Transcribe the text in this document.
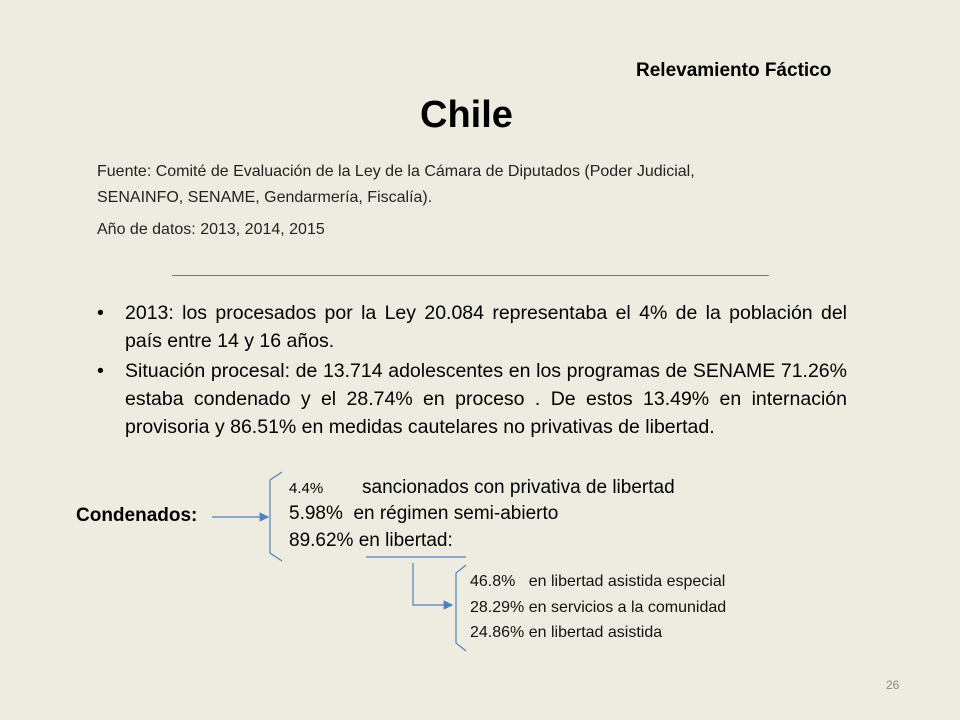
Relevamiento Fáctico
Chile
Fuente: Comité de Evaluación de la Ley de la Cámara de Diputados (Poder Judicial,
SENAINFO, SENAME, Gendarmería, Fiscalía).
Año de datos: 2013, 2014, 2015
• 2013: los procesados por la Ley 20.084 representaba el 4% de la población del país entre 14 y 16 años.
• Situación procesal: de 13.714 adolescentes en los programas de SENAME 71.26% estaba condenado y el 28.74% en proceso . De estos 13.49% en internación provisoria y 86.51% en medidas cautelares no privativas de libertad.
Condenados:
4.4% sancionados con privativa de libertad
5.98% en régimen semi-abierto
89.62% en libertad:
46.8% en libertad asistida especial
28.29% en servicios a la comunidad
24.86% en libertad asistida
26
